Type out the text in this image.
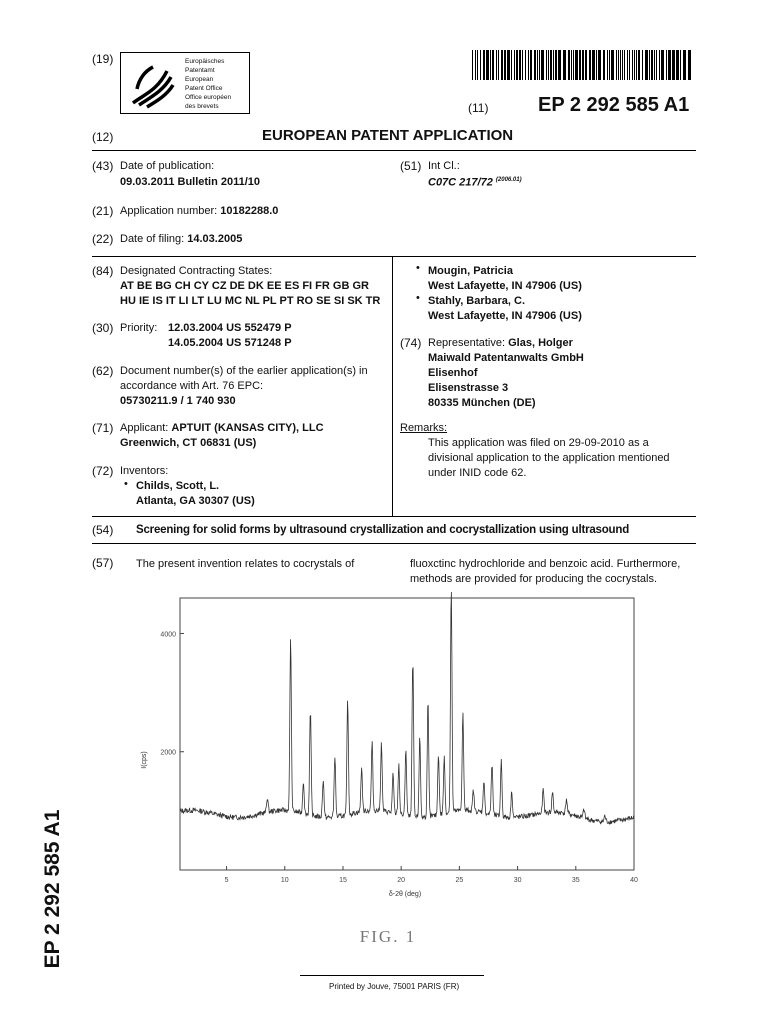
(19)	Europäisches
Patentamt
European
Patent Office
Office européen
des brevets	(11) EP 2 292 585 A1
(12)	EUROPEAN PATENT APPLICATION
(43) Date of publication:
09.03.2011 Bulletin 2011/10
(51) Int Cl.:
C07C 217/72 $^{(2006.01)}$
(21) Application number: 10182288.0
(22) Date of filing: 14.03.2005
(84) Designated Contracting States:
AT BE BG CH CY CZ DE DK EE ES FI FR GB GR
HU IE IS IT LI LT LU MC NL PL PT RO SE SI SK TR
(30) Priority: 12.03.2004 US 552479 P
14.05.2004 US 571248 P
(62) Document number(s) of the earlier application(s) in
accordance with Art. 76 EPC:
05730211.9 / 1 740 930
(71) Applicant: APTUIT (KANSAS CITY), LLC
Greenwich, CT 06831 (US)
(72) Inventors:
• Childs, Scott, L.
Atlanta, GA 30307 (US)
• Mougin, Patricia
West Lafayette, IN 47906 (US)
• Stahly, Barbara, C.
West Lafayette, IN 47906 (US)
(74) Representative: Glas, Holger
Maiwald Patentanwalts GmbH
Elisenhof
Elisenstrasse 3
80335 München (DE)
Remarks:
This application was filed on 29-09-2010 as a
divisional application to the application mentioned
under INID code 62.
(54) Screening for solid forms by ultrasound crystallization and cocrystallization using ultrasound
(57) The present invention relates to cocrystals of	fluoxctinc hydrochloride and benzoic acid. Furthermore,
methods are provided for producing the cocrystals.
5	10	15	20	25	30	35	40
2000
4000
δ-2θ (deg)
I(cps)
FIG. 1
Printed by Jouve, 75001 PARIS (FR)
EP 2 292 585 A1
